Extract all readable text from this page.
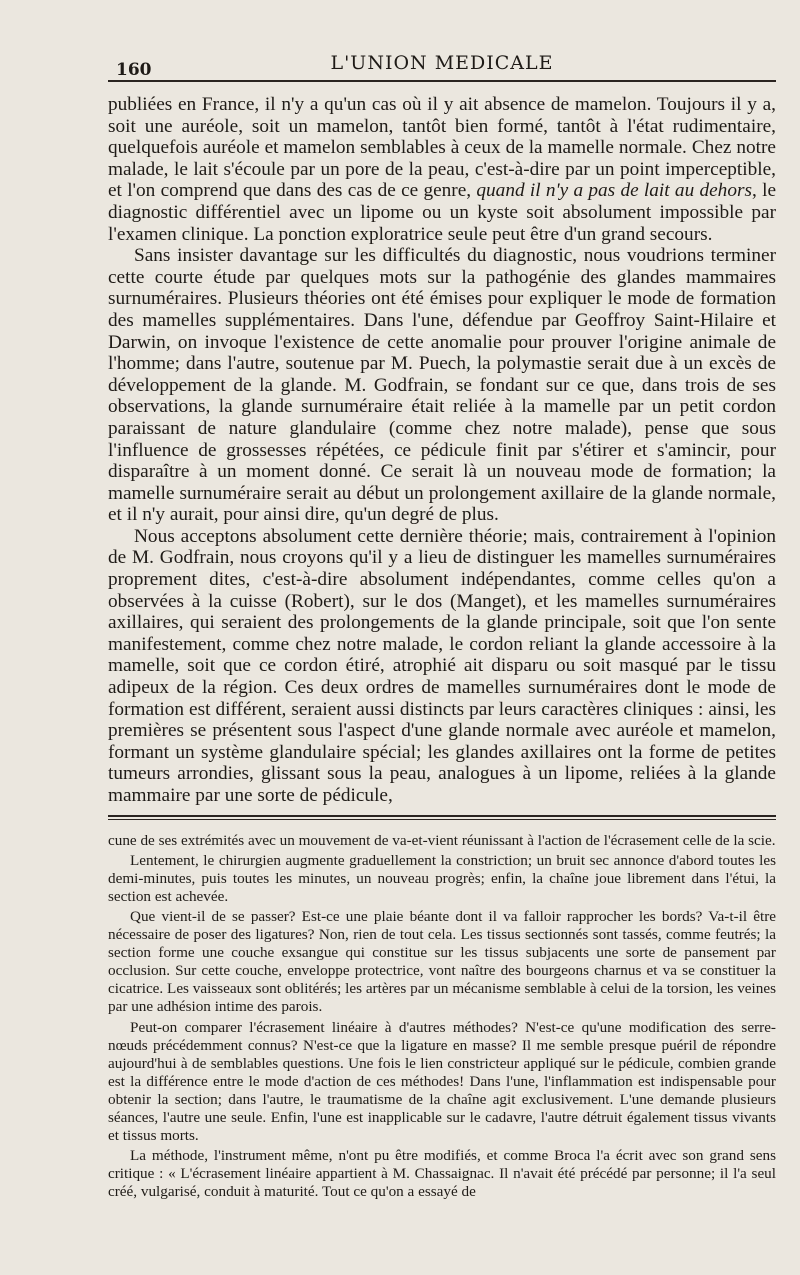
160	L'UNION MEDICALE

publiées en France, il n'y a qu'un cas où il y ait absence de mamelon. Toujours il y a, soit une auréole, soit un mamelon, tantôt bien formé, tantôt à l'état rudimentaire, quelquefois auréole et mamelon semblables à ceux de la mamelle normale. Chez notre malade, le lait s'écoule par un pore de la peau, c'est-à-dire par un point imperceptible, et l'on comprend que dans des cas de ce genre, quand il n'y a pas de lait au dehors, le diagnostic différentiel avec un lipome ou un kyste soit absolument impossible par l'examen clinique. La ponction exploratrice seule peut être d'un grand secours.

Sans insister davantage sur les difficultés du diagnostic, nous voudrions terminer cette courte étude par quelques mots sur la pathogénie des glandes mammaires surnuméraires. Plusieurs théories ont été émises pour expliquer le mode de formation des mamelles supplémentaires. Dans l'une, défendue par Geoffroy Saint-Hilaire et Darwin, on invoque l'existence de cette anomalie pour prouver l'origine animale de l'homme; dans l'autre, soutenue par M. Puech, la polymastie serait due à un excès de développement de la glande. M. Godfrain, se fondant sur ce que, dans trois de ses observations, la glande surnuméraire était reliée à la mamelle par un petit cordon paraissant de nature glandulaire (comme chez notre malade), pense que sous l'influence de grossesses répétées, ce pédicule finit par s'étirer et s'amincir, pour disparaître à un moment donné. Ce serait là un nouveau mode de formation; la mamelle surnuméraire serait au début un prolongement axillaire de la glande normale, et il n'y aurait, pour ainsi dire, qu'un degré de plus.

Nous acceptons absolument cette dernière théorie; mais, contrairement à l'opinion de M. Godfrain, nous croyons qu'il y a lieu de distinguer les mamelles surnuméraires proprement dites, c'est-à-dire absolument indépendantes, comme celles qu'on a observées à la cuisse (Robert), sur le dos (Manget), et les mamelles surnuméraires axillaires, qui seraient des prolongements de la glande principale, soit que l'on sente manifestement, comme chez notre malade, le cordon reliant la glande accessoire à la mamelle, soit que ce cordon étiré, atrophié ait disparu ou soit masqué par le tissu adipeux de la région. Ces deux ordres de mamelles surnuméraires dont le mode de formation est différent, seraient aussi distincts par leurs caractères cliniques : ainsi, les premières se présentent sous l'aspect d'une glande normale avec auréole et mamelon, formant un système glandulaire spécial; les glandes axillaires ont la forme de petites tumeurs arrondies, glissant sous la peau, analogues à un lipome, reliées à la glande mammaire par une sorte de pédicule,

cune de ses extrémités avec un mouvement de va-et-vient réunissant à l'action de l'écrasement celle de la scie.

Lentement, le chirurgien augmente graduellement la constriction; un bruit sec annonce d'abord toutes les demi-minutes, puis toutes les minutes, un nouveau progrès; enfin, la chaîne joue librement dans l'étui, la section est achevée.

Que vient-il de se passer? Est-ce une plaie béante dont il va falloir rapprocher les bords? Va-t-il être nécessaire de poser des ligatures? Non, rien de tout cela. Les tissus sectionnés sont tassés, comme feutrés; la section forme une couche exsangue qui constitue sur les tissus subjacents une sorte de pansement par occlusion. Sur cette couche, enveloppe protectrice, vont naître des bourgeons charnus et va se constituer la cicatrice. Les vaisseaux sont oblitérés; les artères par un mécanisme semblable à celui de la torsion, les veines par une adhésion intime des parois.

Peut-on comparer l'écrasement linéaire à d'autres méthodes? N'est-ce qu'une modification des serre-nœuds précédemment connus? N'est-ce que la ligature en masse? Il me semble presque puéril de répondre aujourd'hui à de semblables questions. Une fois le lien constricteur appliqué sur le pédicule, combien grande est la différence entre le mode d'action de ces méthodes! Dans l'une, l'inflammation est indispensable pour obtenir la section; dans l'autre, le traumatisme de la chaîne agit exclusivement. L'une demande plusieurs séances, l'autre une seule. Enfin, l'une est inapplicable sur le cadavre, l'autre détruit également tissus vivants et tissus morts.

La méthode, l'instrument même, n'ont pu être modifiés, et comme Broca l'a écrit avec son grand sens critique : « L'écrasement linéaire appartient à M. Chassaignac. Il n'avait été précédé par personne; il l'a seul créé, vulgarisé, conduit à maturité. Tout ce qu'on a essayé de
